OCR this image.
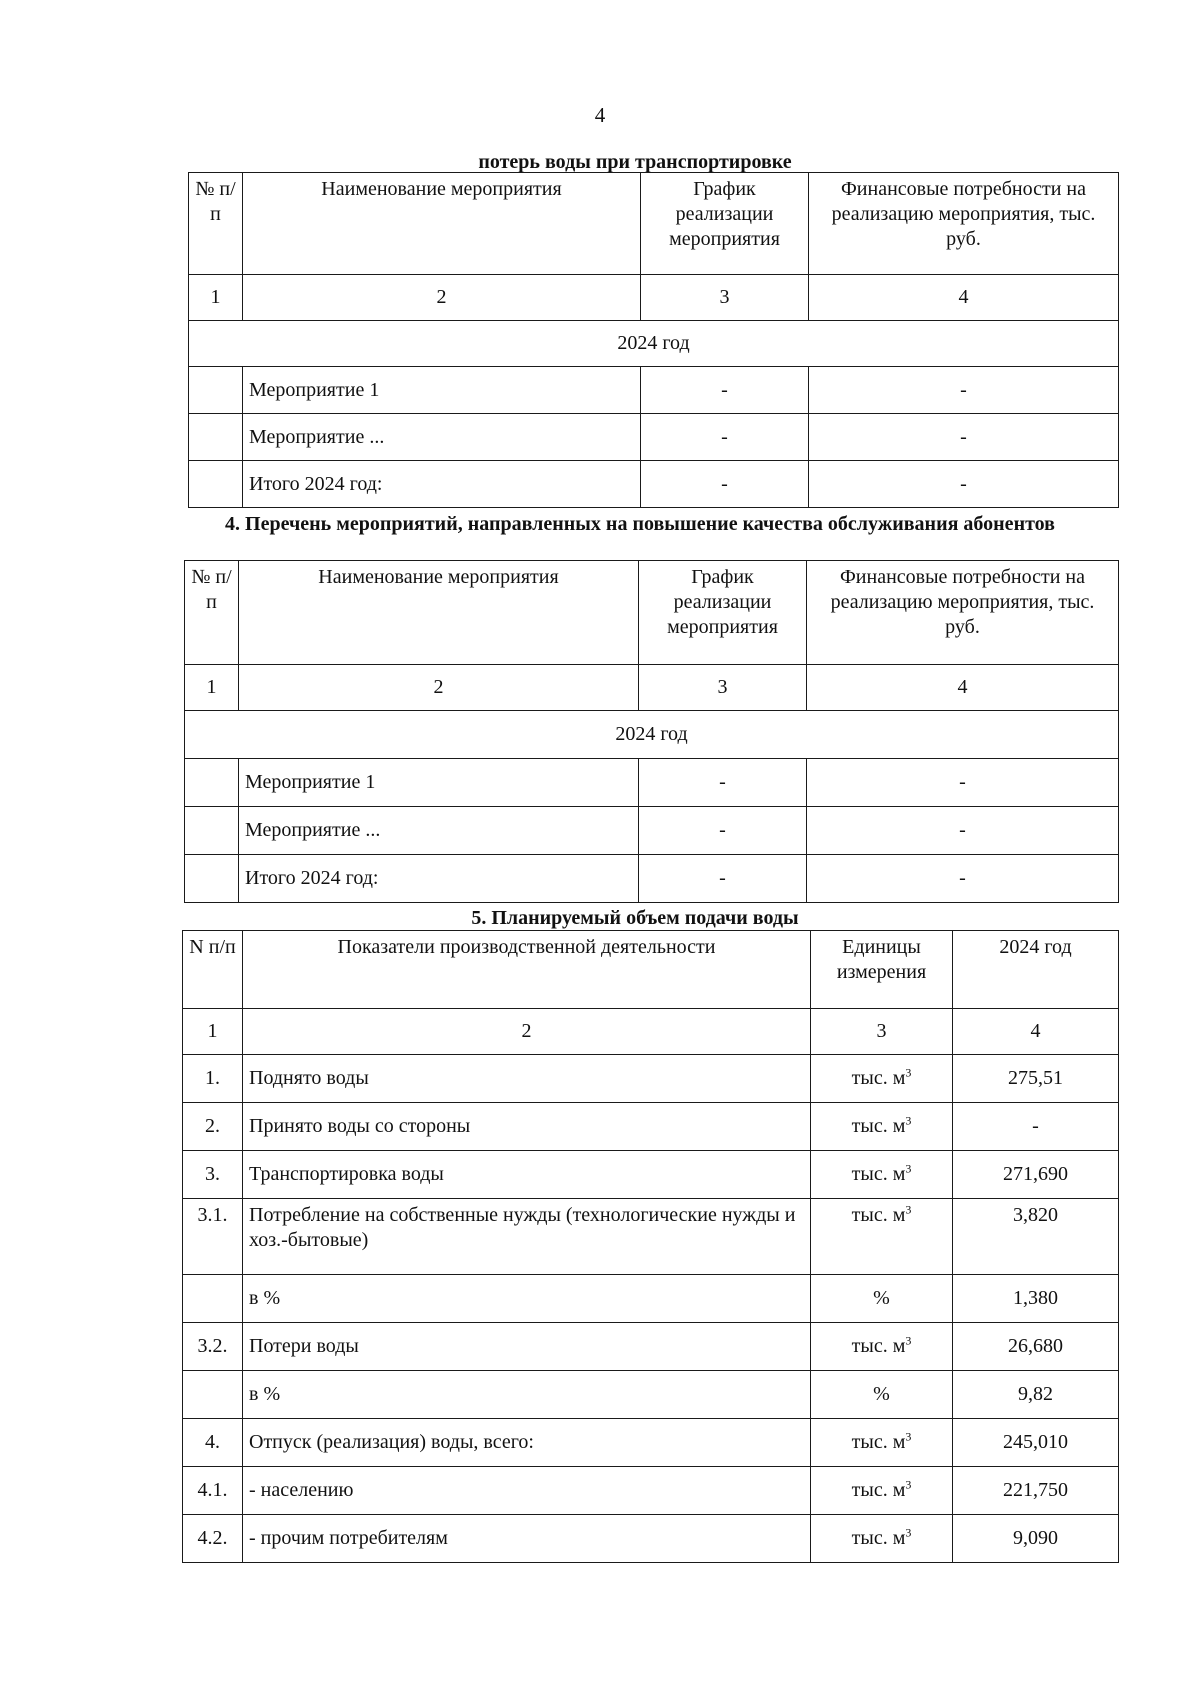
4
потерь воды при транспортировке
№ п/п	Наименование мероприятия	График реализации мероприятия	Финансовые потребности на реализацию мероприятия, тыс. руб.
1	2	3	4
2024 год			
	Мероприятие 1	-	-
	Мероприятие ...	-	-
	Итого 2024 год:	-	-
4. Перечень мероприятий, направленных на повышение качества обслуживания абонентов
№ п/п	Наименование мероприятия	График реализации мероприятия	Финансовые потребности на реализацию мероприятия, тыс. руб.
1	2	3	4
2024 год			
	Мероприятие 1	-	-
	Мероприятие ...	-	-
	Итого 2024 год:	-	-
5. Планируемый объем подачи воды
N п/п	Показатели производственной деятельности	Единицы измерения	2024 год
1	2	3	4
1.	Поднято воды	тыс. $м^3$	275,51
2.	Принято воды со стороны	тыс. $м^3$	-
3.	Транспортировка воды	тыс. $м^3$	271,690
3.1.	Потребление на собственные нужды (технологические нужды и хоз.-бытовые)	тыс. $м^3$	3,820
	в %	%	1,380
3.2.	Потери воды	тыс. $м^3$	26,680
	в %	%	9,82
4.	Отпуск (реализация) воды, всего:	тыс. $м^3$	245,010
4.1.	- населению	тыс. $м^3$	221,750
4.2.	- прочим потребителям	тыс. $м^3$	9,090
